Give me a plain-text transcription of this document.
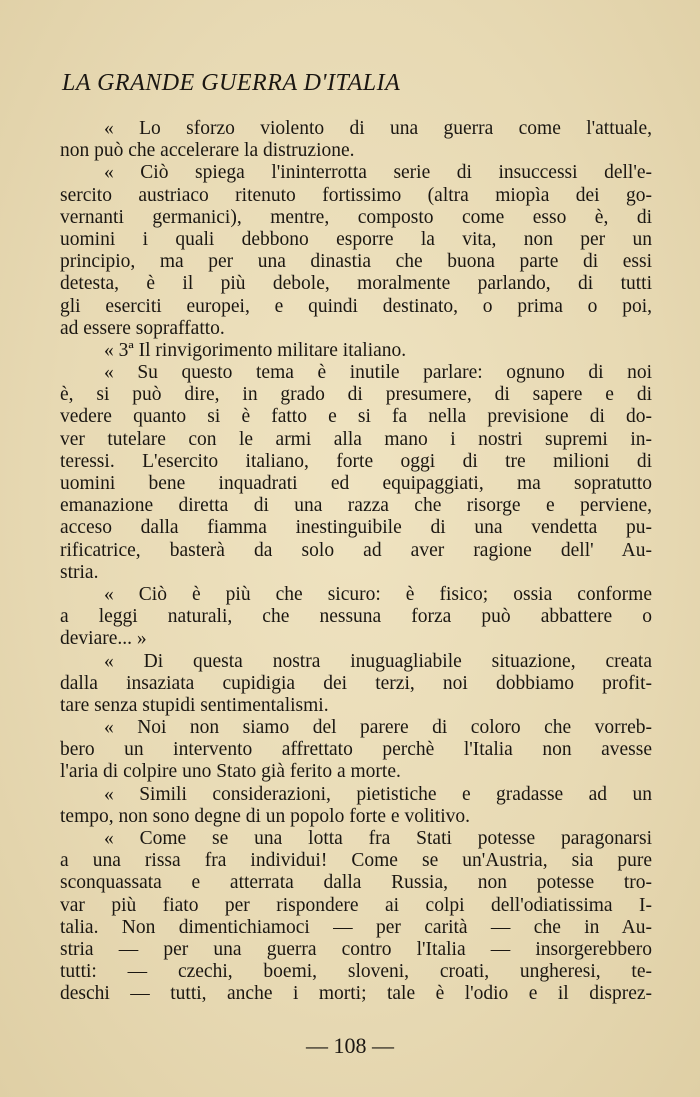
LA GRANDE GUERRA D'ITALIA
« Lo sforzo violento di una guerra come l'attuale,
non può che accelerare la distruzione.
« Ciò spiega l'ininterrotta serie di insuccessi dell'e-
sercito austriaco ritenuto fortissimo (altra miopìa dei go-
vernanti germanici), mentre, composto come esso è, di
uomini i quali debbono esporre la vita, non per un
principio, ma per una dinastia che buona parte di essi
detesta, è il più debole, moralmente parlando, di tutti
gli eserciti europei, e quindi destinato, o prima o poi,
ad essere sopraffatto.
« 3ª Il rinvigorimento militare italiano.
« Su questo tema è inutile parlare: ognuno di noi
è, si può dire, in grado di presumere, di sapere e di
vedere quanto si è fatto e si fa nella previsione di do-
ver tutelare con le armi alla mano i nostri supremi in-
teressi. L'esercito italiano, forte oggi di tre milioni di
uomini bene inquadrati ed equipaggiati, ma sopratutto
emanazione diretta di una razza che risorge e perviene,
acceso dalla fiamma inestinguibile di una vendetta pu-
rificatrice, basterà da solo ad aver ragione dell' Au-
stria.
« Ciò è più che sicuro: è fisico; ossia conforme
a leggi naturali, che nessuna forza può abbattere o
deviare... »
« Di questa nostra inuguagliabile situazione, creata
dalla insaziata cupidigia dei terzi, noi dobbiamo profit-
tare senza stupidi sentimentalismi.
« Noi non siamo del parere di coloro che vorreb-
bero un intervento affrettato perchè l'Italia non avesse
l'aria di colpire uno Stato già ferito a morte.
« Simili considerazioni, pietistiche e gradasse ad un
tempo, non sono degne di un popolo forte e volitivo.
« Come se una lotta fra Stati potesse paragonarsi
a una rissa fra individui! Come se un'Austria, sia pure
sconquassata e atterrata dalla Russia, non potesse tro-
var più fiato per rispondere ai colpi dell'odiatissima I-
talia. Non dimentichiamoci — per carità — che in Au-
stria — per una guerra contro l'Italia — insorgerebbero
tutti: — czechi, boemi, sloveni, croati, ungheresi, te-
deschi — tutti, anche i morti; tale è l'odio e il disprez-
— 108 —
